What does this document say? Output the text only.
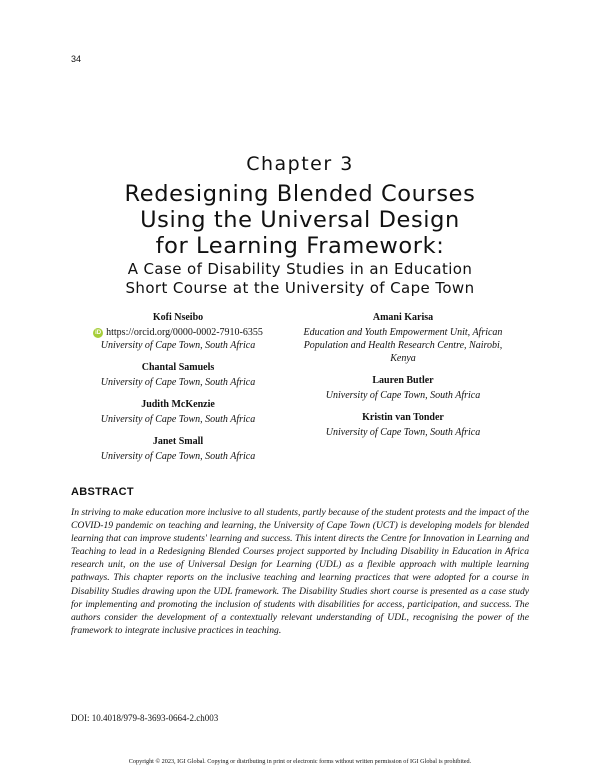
34
Chapter 3
Redesigning Blended Courses
Using the Universal Design
for Learning Framework:
A Case of Disability Studies in an Education
Short Course at the University of Cape Town
Kofi Nseibo
iD https://orcid.org/0000-0002-7910-6355
University of Cape Town, South Africa
Chantal Samuels
University of Cape Town, South Africa
Judith McKenzie
University of Cape Town, South Africa
Janet Small
University of Cape Town, South Africa
Amani Karisa
Education and Youth Empowerment Unit, African
Population and Health Research Centre, Nairobi,
Kenya
Lauren Butler
University of Cape Town, South Africa
Kristin van Tonder
University of Cape Town, South Africa
ABSTRACT

In striving to make education more inclusive to all students, partly because of the student protests and the impact of the COVID-19 pandemic on teaching and learning, the University of Cape Town (UCT) is developing models for blended learning that can improve students' learning and success. This intent directs the Centre for Innovation in Learning and Teaching to lead in a Redesigning Blended Courses project supported by Including Disability in Education in Africa research unit, on the use of Universal Design for Learning (UDL) as a flexible approach with multiple learning pathways. This chapter reports on the inclusive teaching and learning practices that were adopted for a course in Disability Studies drawing upon the UDL framework. The Disability Studies short course is presented as a case study for implementing and promoting the inclusion of students with disabilities for access, participation, and success. The authors consider the development of a contextually relevant understanding of UDL, recognising the power of the framework to integrate inclusive practices in teaching.

DOI: 10.4018/979-8-3693-0664-2.ch003
Copyright © 2023, IGI Global. Copying or distributing in print or electronic forms without written permission of IGI Global is prohibited.
